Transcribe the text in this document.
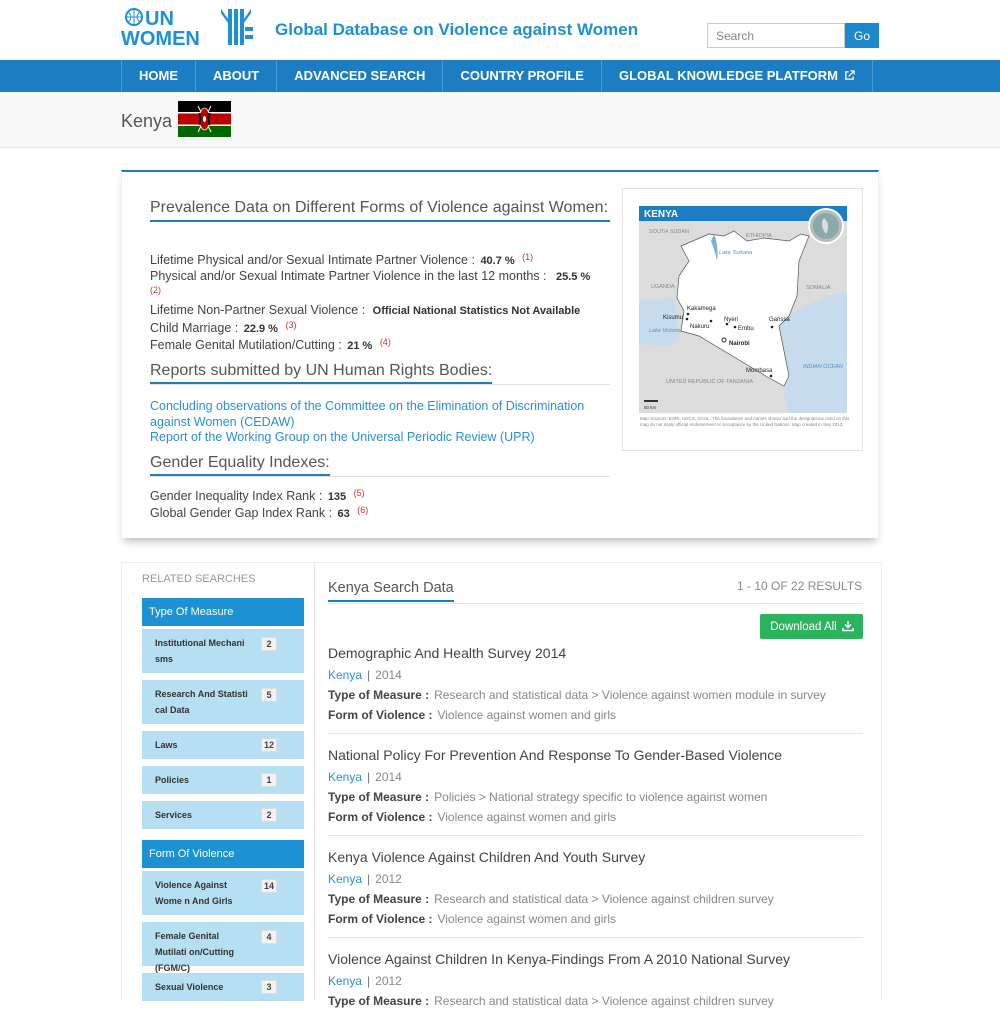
UN
WOMEN	Global Database on Violence against Women
Search	Go
HOME	ABOUT	ADVANCED SEARCH	COUNTRY PROFILE	GLOBAL KNOWLEDGE PLATFORM
Kenya
Prevalence Data on Different Forms of Violence against Women:
Lifetime Physical and/or Sexual Intimate Partner Violence : 40.7 % $^{(1)}$
Physical and/or Sexual Intimate Partner Violence in the last 12 months : 25.5 %
(2)
Lifetime Non-Partner Sexual Violence : Official National Statistics Not Available
Child Marriage : 22.9 % $^{(3)}$
Female Genital Mutilation/Cutting : 21 % $^{(4)}$
Reports submitted by UN Human Rights Bodies:
Concluding observations of the Committee on the Elimination of Discrimination against Women (CEDAW)
Report of the Working Group on the Universal Periodic Review (UPR)
Gender Equality Indexes:
Gender Inequality Index Rank : 135 $^{(5)}$
Global Gender Gap Index Rank : 63 $^{(6)}$
KENYA
SOUTH SUDAN
ETHIOPIA
Lake Turkana
UGANDA	SOMALIA
Lake Victoria
UNITED REPUBLIC OF TANZANIA
INDIAN OCEAN
Kakamega
Kisumu
Nakuru
Nyeri
Embu
Garissa
Nairobi
Mombasa
50 km
Map Sources: ESRI, UNCS, GAUL. The boundaries and names shown and the designations used on this map do not imply official endorsement or acceptance by the United Nations. Map created in Sep 2013.
RELATED SEARCHES
Type Of Measure
Institutional Mechani sms
2
Research And Statisti cal Data
5
Laws	12
Policies	1
Services	2
Form Of Violence
Violence Against Wome n And Girls
14
Female Genital Mutilati on/Cutting (FGM/C)
4
Sexual Violence	3
Kenya Search Data	1 - 10 OF 22 RESULTS
Download All
Demographic And Health Survey 2014
Kenya | 2014
Type of Measure : Research and statistical data > Violence against women module in survey
Form of Violence : Violence against women and girls
National Policy For Prevention And Response To Gender-Based Violence
Kenya | 2014
Type of Measure : Policies > National strategy specific to violence against women
Form of Violence : Violence against women and girls
Kenya Violence Against Children And Youth Survey
Kenya | 2012
Type of Measure : Research and statistical data > Violence against children survey
Form of Violence : Violence against women and girls
Violence Against Children In Kenya-Findings From A 2010 National Survey
Kenya | 2012
Type of Measure : Research and statistical data > Violence against children survey
